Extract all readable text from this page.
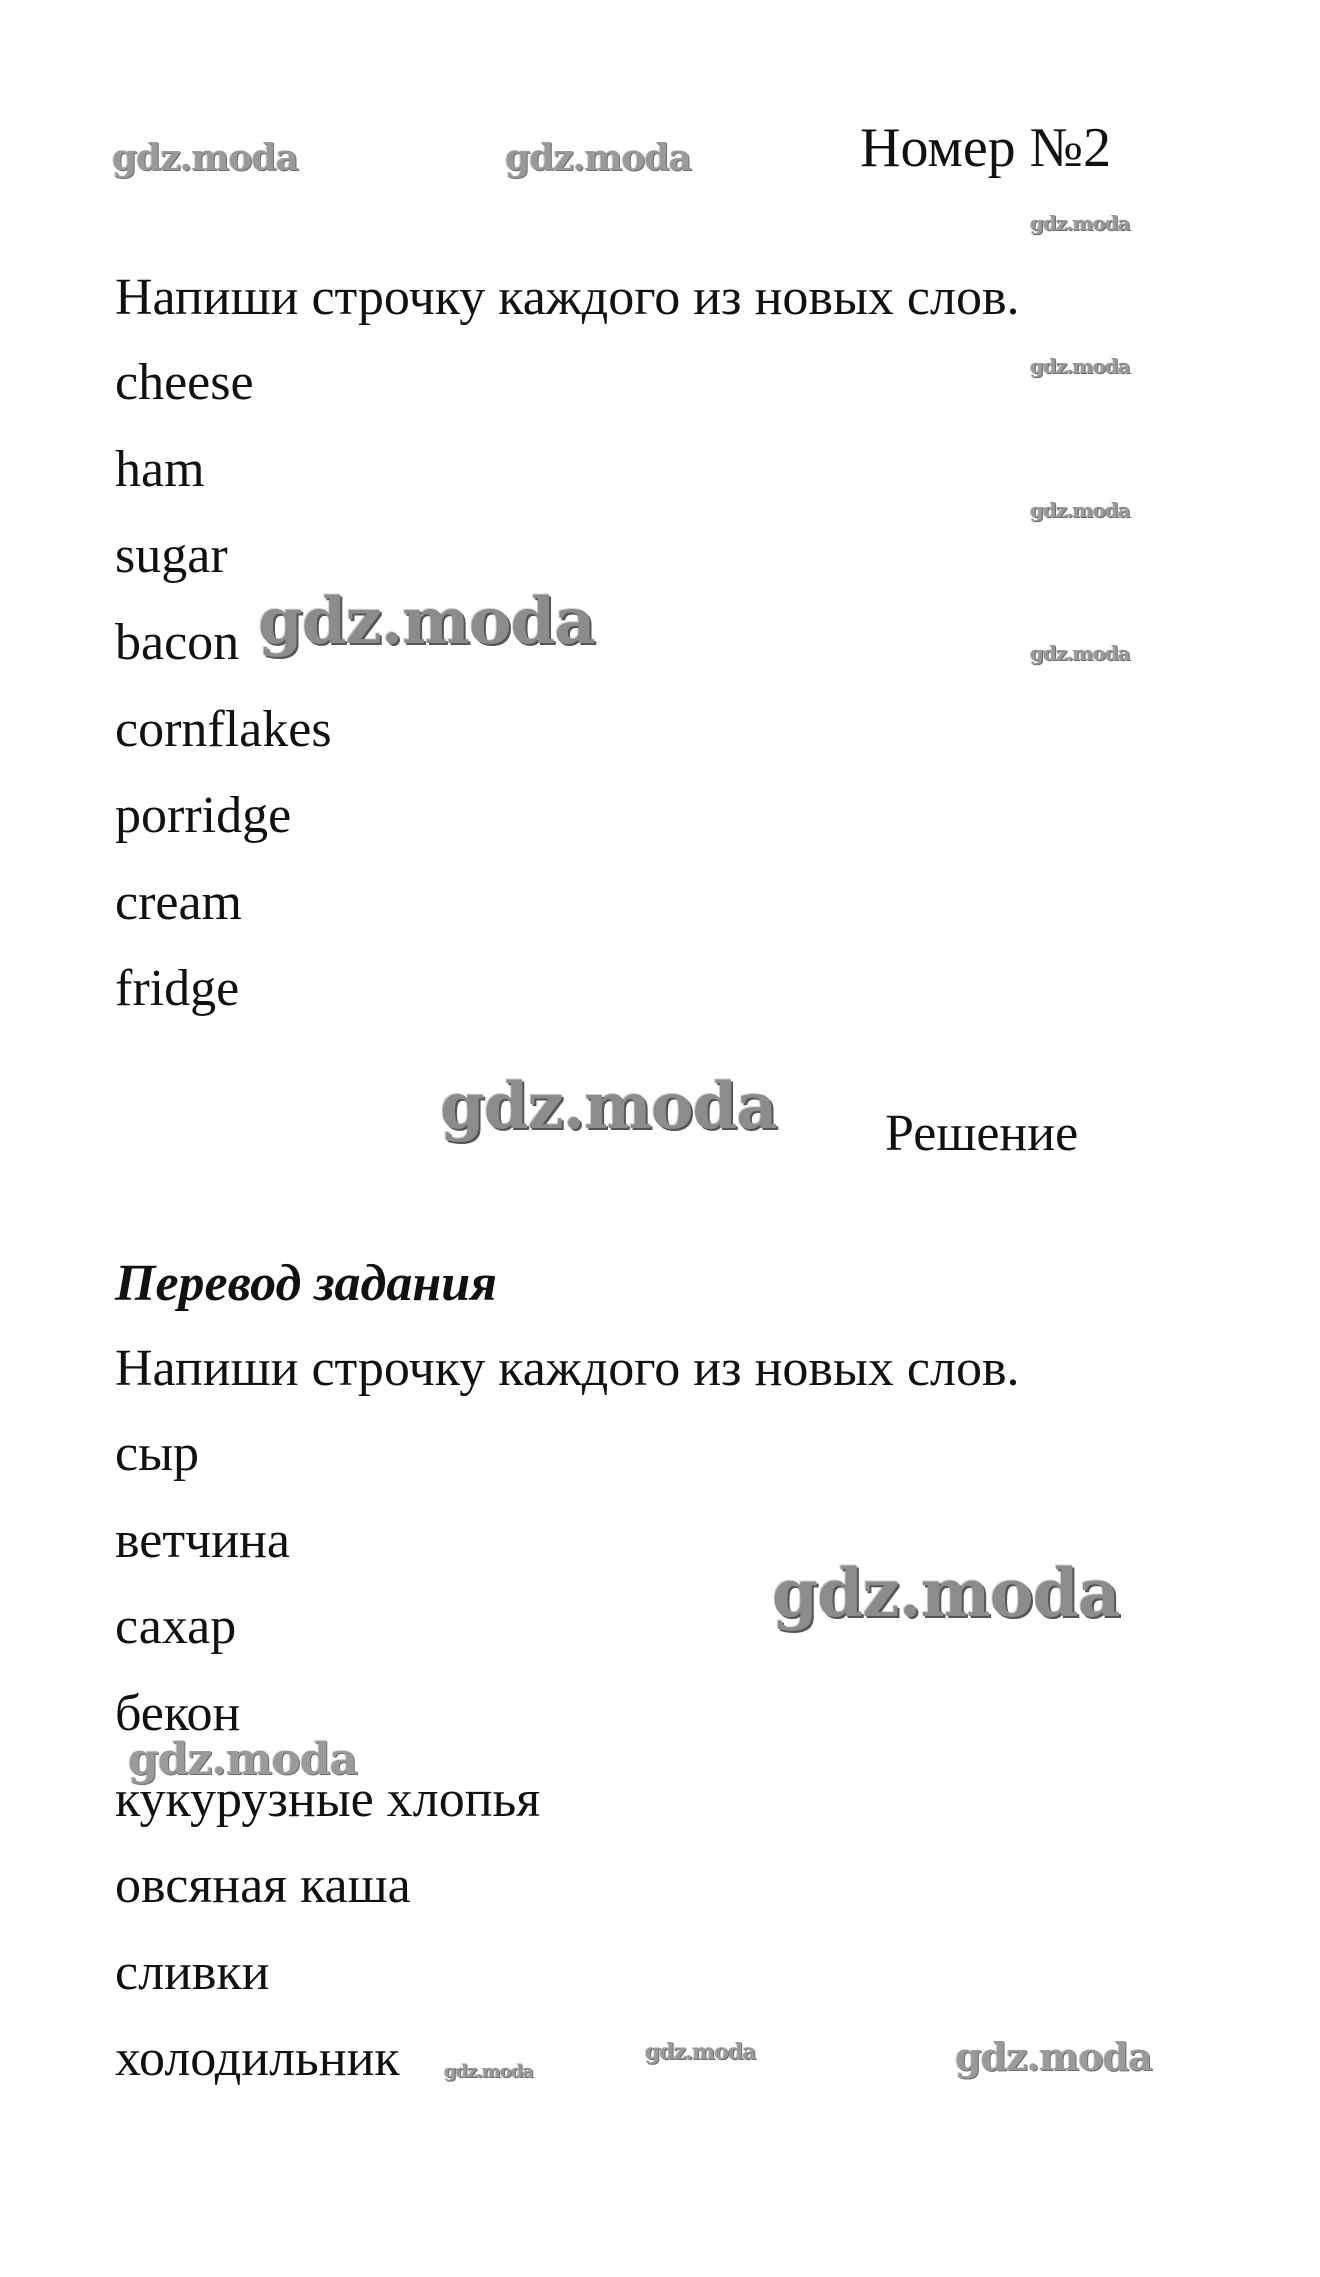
Номер №2
Напиши строчку каждого из новых слов.
cheese
ham
sugar
bacon
cornflakes
porridge
cream
fridge
Решение
Перевод задания
Напиши строчку каждого из новых слов.
сыр
ветчина
сахар
бекон
кукурузные хлопья
овсяная каша
сливки
холодильник
gdz.moda	gdz.moda
gdz.moda
gdz.moda
gdz.moda
gdz.moda
gdz.moda
gdz.moda
gdz.moda
gdz.moda
gdz.moda
gdz.moda	gdz.moda
